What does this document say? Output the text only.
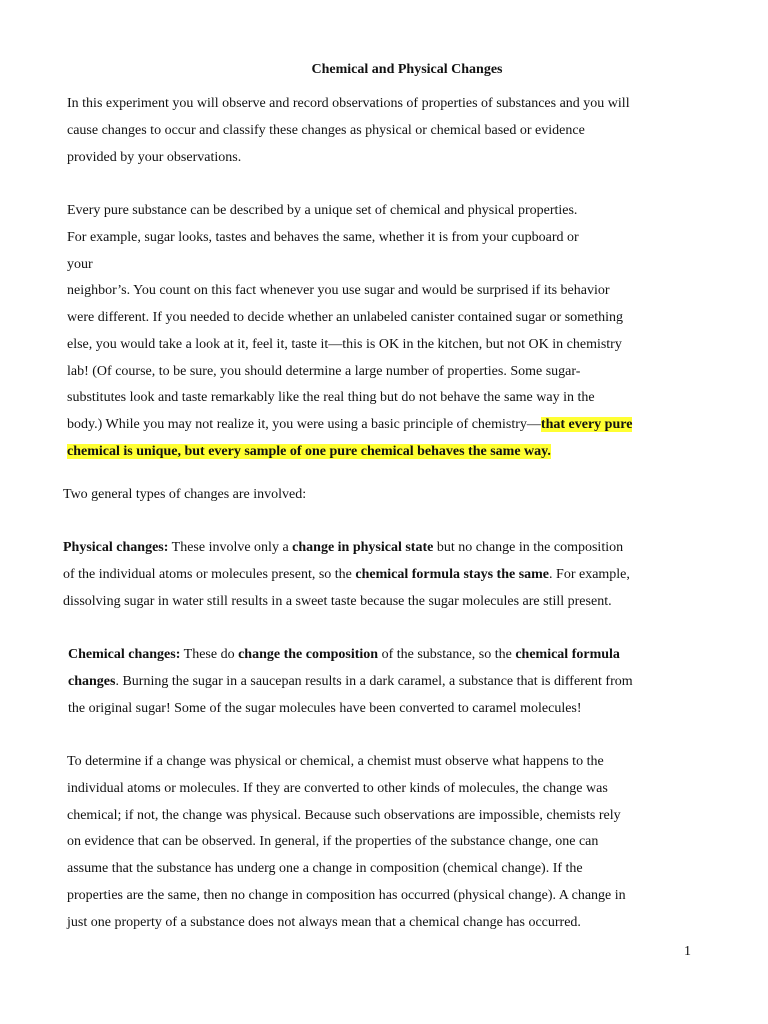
Chemical and Physical Changes
In this experiment you will observe and record observations of properties of substances and you will
cause changes to occur and classify these changes as physical or chemical based or evidence
provided by your observations.
Every pure substance can be described by a unique set of chemical and physical properties.
For example, sugar looks, tastes and behaves the same, whether it is from your cupboard or
your
neighbor’s. You count on this fact whenever you use sugar and would be surprised if its behavior
were different. If you needed to decide whether an unlabeled canister contained sugar or something
else, you would take a look at it, feel it, taste it—this is OK in the kitchen, but not OK in chemistry
lab! (Of course, to be sure, you should determine a large number of properties. Some sugar-
substitutes look and taste remarkably like the real thing but do not behave the same way in the
body.) While you may not realize it, you were using a basic principle of chemistry—that every pure
chemical is unique, but every sample of one pure chemical behaves the same way.
Two general types of changes are involved:
Physical changes: These involve only a change in physical state but no change in the composition
of the individual atoms or molecules present, so the chemical formula stays the same. For example,
dissolving sugar in water still results in a sweet taste because the sugar molecules are still present.
Chemical changes: These do change the composition of the substance, so the chemical formula
changes. Burning the sugar in a saucepan results in a dark caramel, a substance that is different from
the original sugar! Some of the sugar molecules have been converted to caramel molecules!
To determine if a change was physical or chemical, a chemist must observe what happens to the
individual atoms or molecules. If they are converted to other kinds of molecules, the change was
chemical; if not, the change was physical. Because such observations are impossible, chemists rely
on evidence that can be observed. In general, if the properties of the substance change, one can
assume that the substance has underg one a change in composition (chemical change). If the
properties are the same, then no change in composition has occurred (physical change). A change in
just one property of a substance does not always mean that a chemical change has occurred.
1
